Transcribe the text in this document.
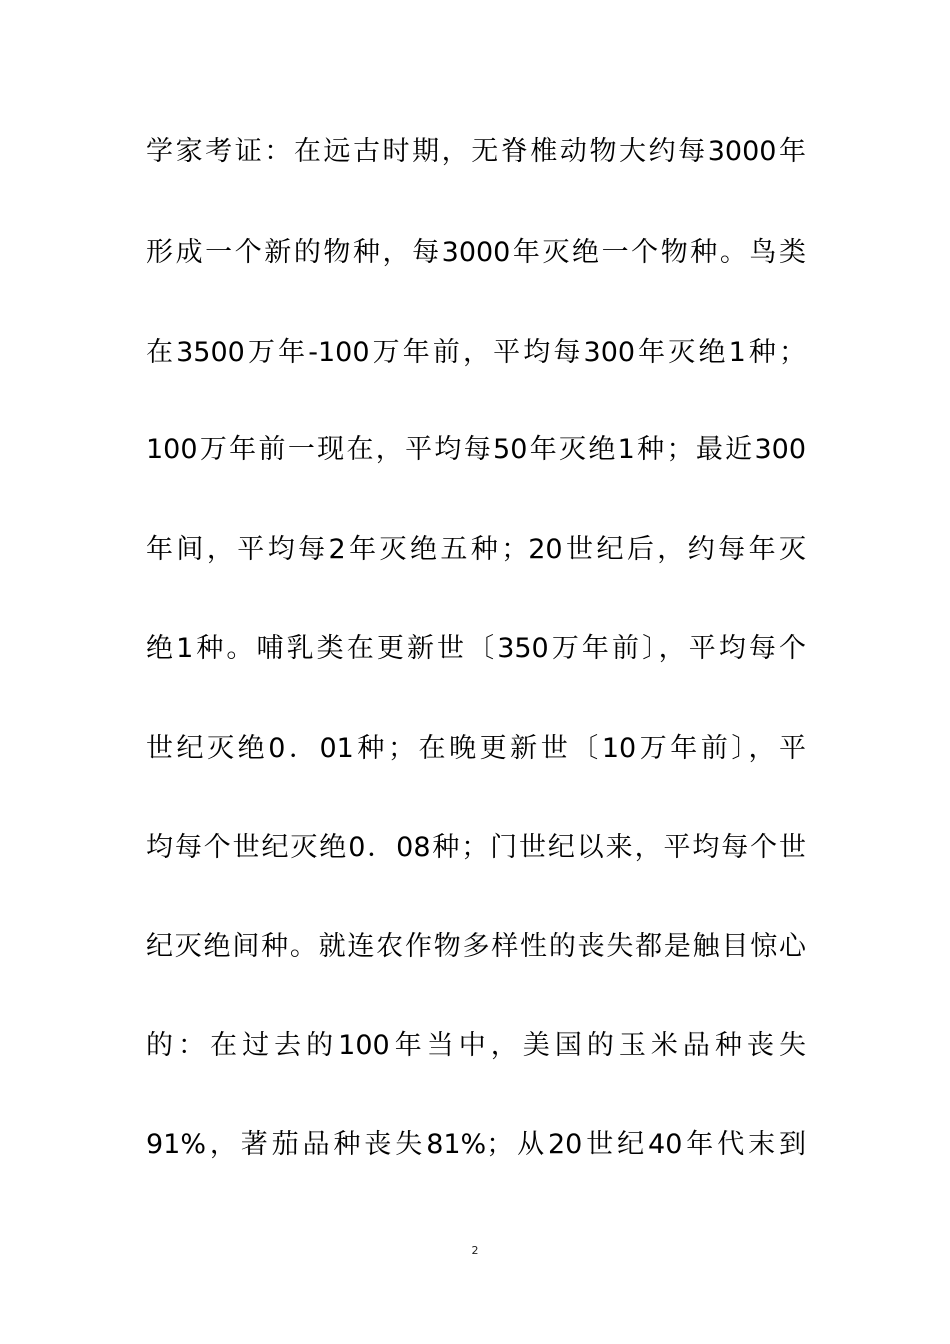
学家考证：在远古时期，无脊椎动物大约每3000年
形成一个新的物种，每3000年灭绝一个物种。鸟类
在3500万年-100万年前，平均每300年灭绝1种；
100万年前一现在，平均每50年灭绝1种；最近300
年间，平均每2年灭绝五种；20世纪后，约每年灭
绝1种。哺乳类在更新世〔350万年前〕，平均每个
世纪灭绝0．01种；在晚更新世〔10万年前〕，平
均每个世纪灭绝0．08种；门世纪以来，平均每个世
纪灭绝间种。就连农作物多样性的丧失都是触目惊心
的：在过去的100年当中，美国的玉米品种丧失
91%，著茄品种丧失81%；从20世纪40年代末到
2
